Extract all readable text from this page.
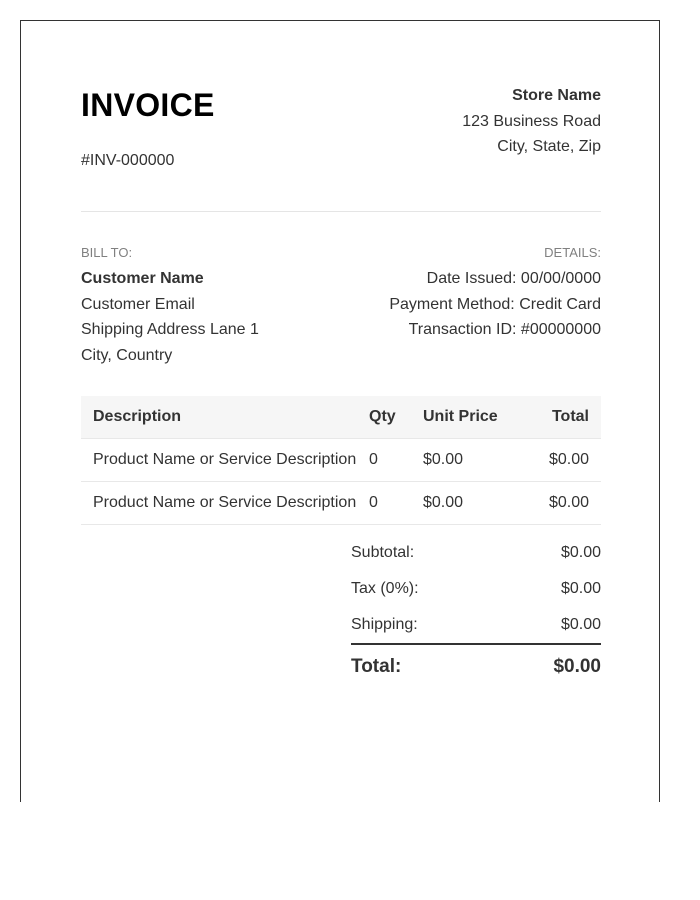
INVOICE
#INV-000000
Store Name
123 Business Road
City, State, Zip
BILL TO:
Customer Name
Customer Email
Shipping Address Lane 1
City, Country
DETAILS:
Date Issued: 00/00/0000
Payment Method: Credit Card
Transaction ID: #00000000
Description	Qty	Unit Price	Total
Product Name or Service Description	0	$0.00	$0.00
Product Name or Service Description	0	$0.00	$0.00
Subtotal:	$0.00
Tax (0%):	$0.00
Shipping:	$0.00
Total:	$0.00
